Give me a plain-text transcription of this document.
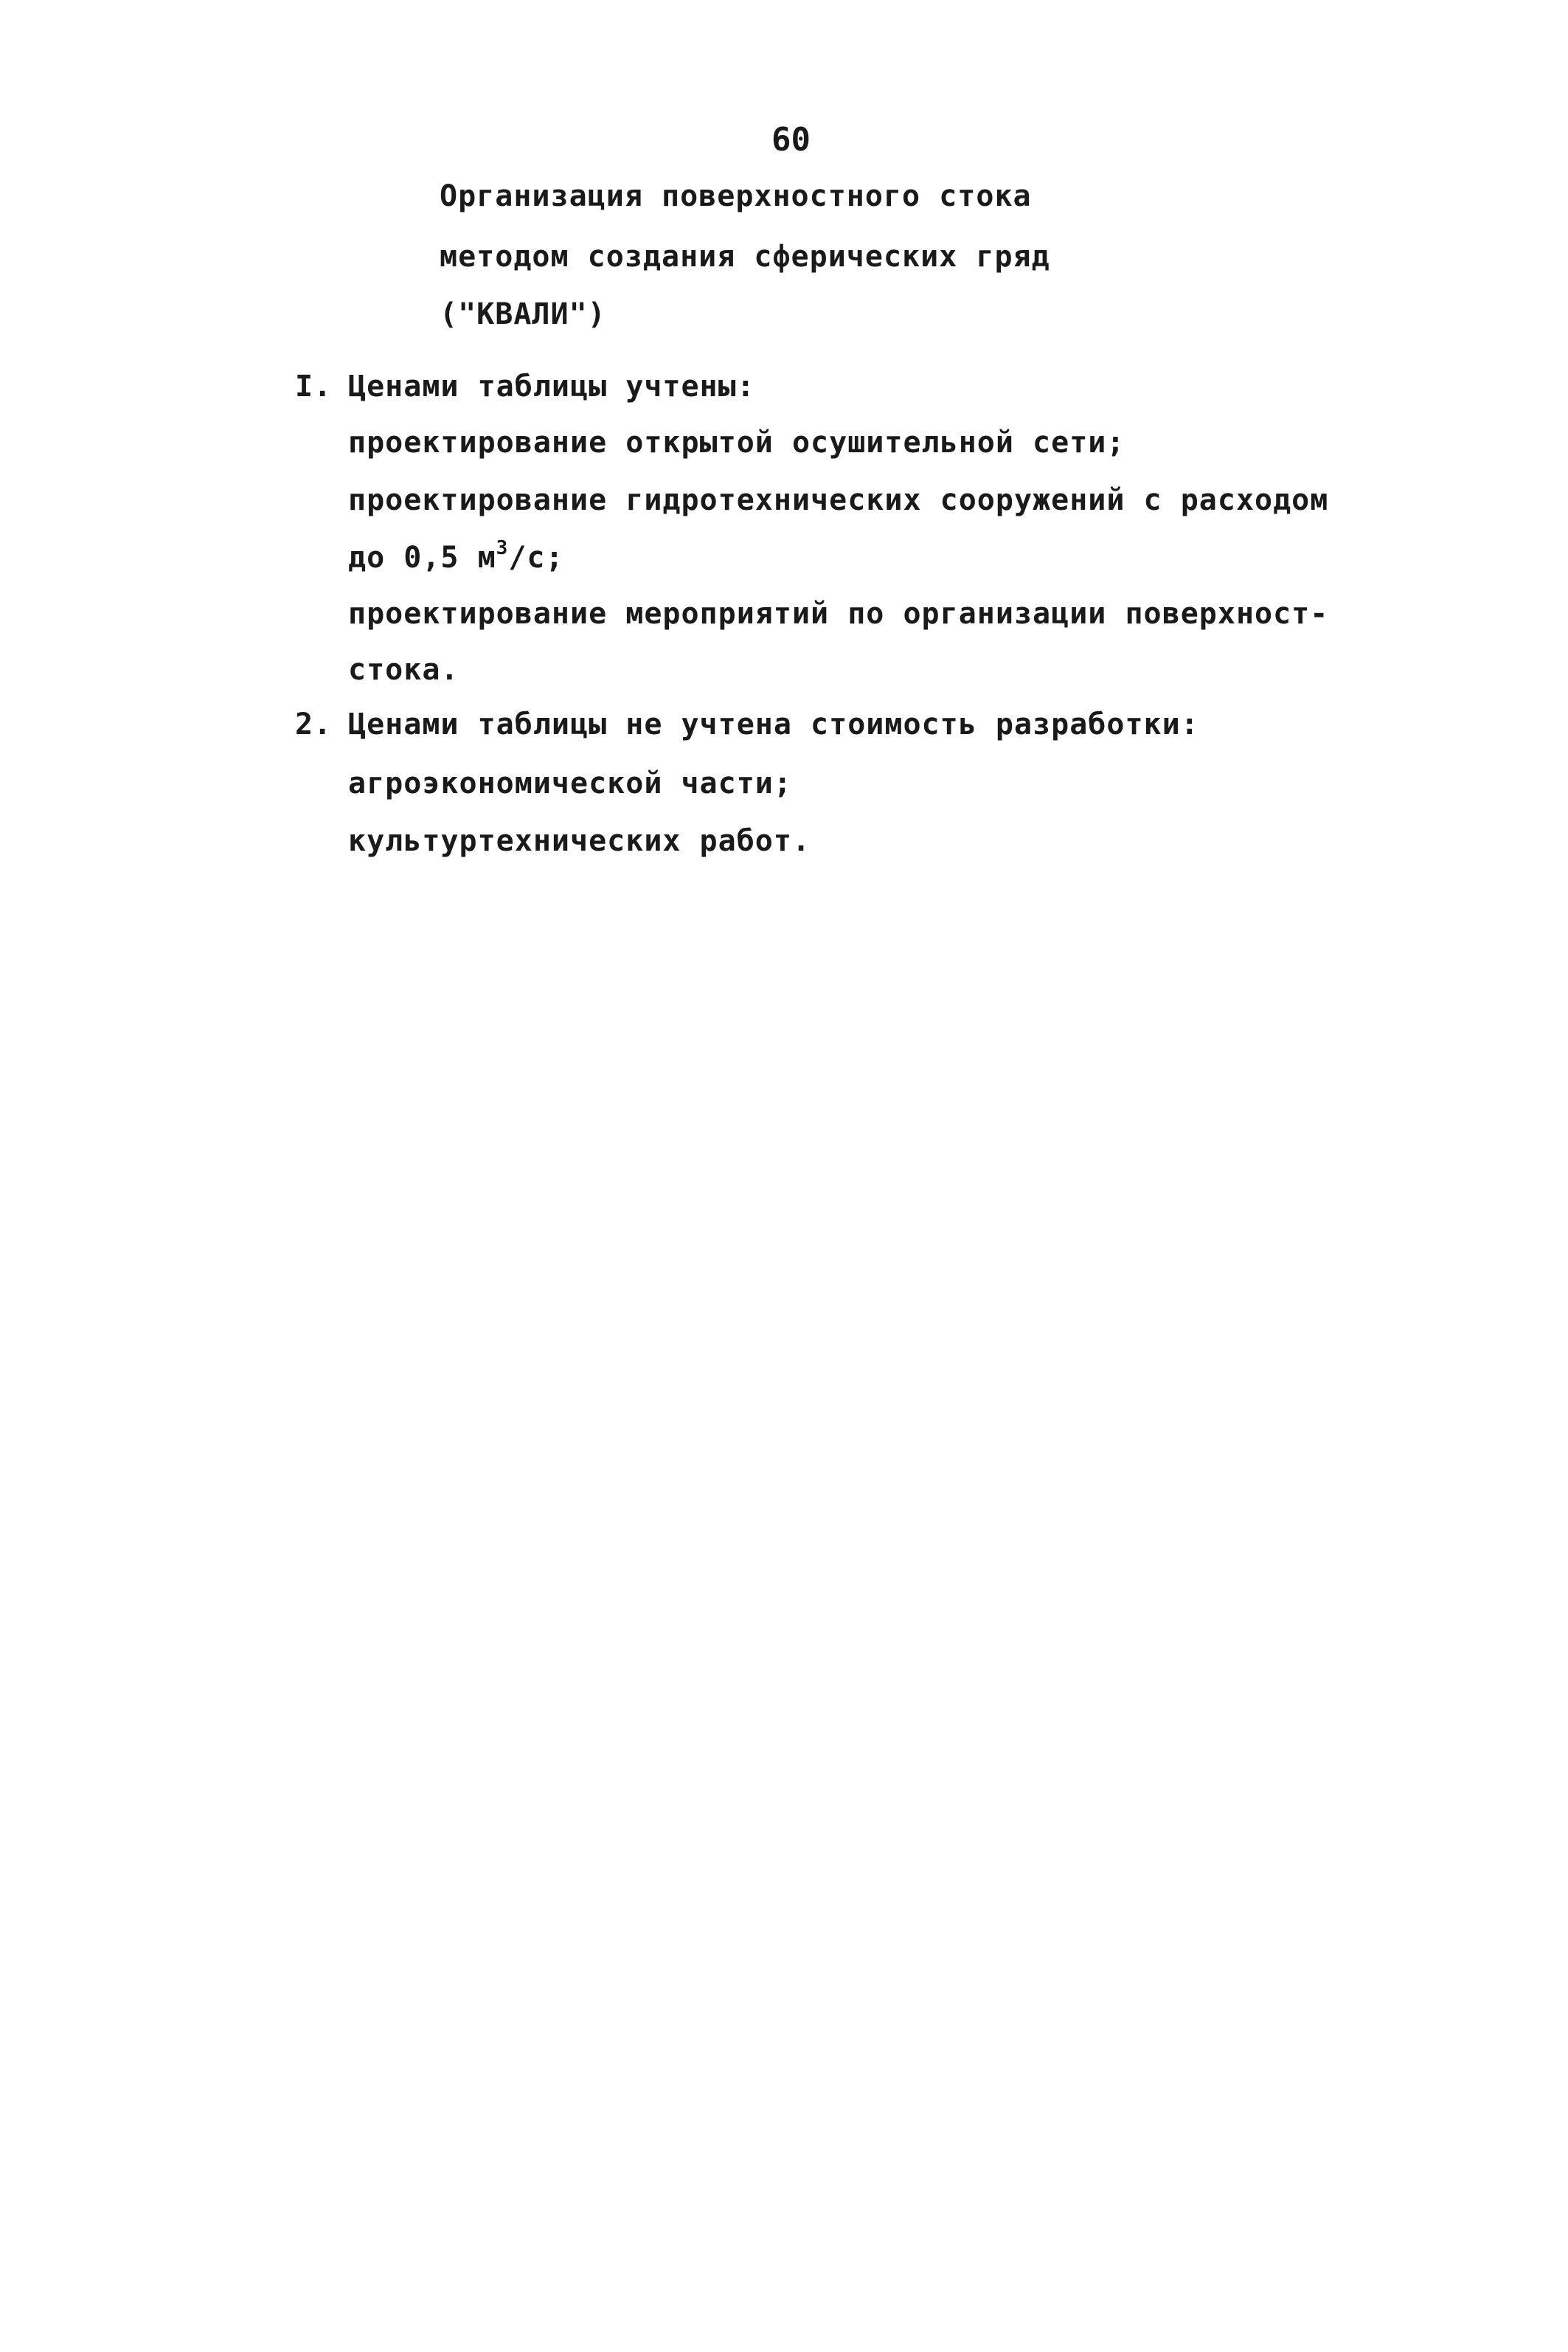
60
Организация поверхностного стока
методом создания сферических гряд
("КВАЛИ")
I. Ценами таблицы учтены:
проектирование открытой осушительной сети;
проектирование гидротехнических сооружений с расходом
до 0,5 $м^3/с$;
проектирование мероприятий по организации поверхност-
стока.
2. Ценами таблицы не учтена стоимость разработки:
агроэкономической части;
культуртехнических работ.
